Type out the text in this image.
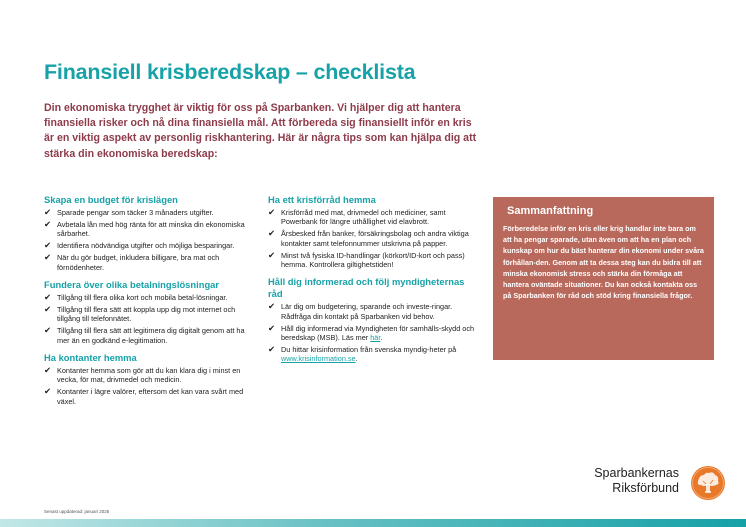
Finansiell krisberedskap – checklista

Din ekonomiska trygghet är viktig för oss på Sparbanken. Vi hjälper dig att hantera finansiella risker och nå dina finansiella mål. Att förbereda sig finansiellt inför en kris är en viktig aspekt av personlig riskhantering. Här är några tips som kan hjälpa dig att stärka din ekonomiska beredskap:

Skapa en budget för krislägen
✔ Sparade pengar som täcker 3 månaders utgifter.
✔ Avbetala lån med hög ränta för att minska din ekonomiska sårbarhet.
✔ Identifiera nödvändiga utgifter och möjliga besparingar.
✔ När du gör budget, inkludera billigare, bra mat och förnödenheter.
Fundera över olika betalningslösningar
✔ Tillgång till flera olika kort och mobila betal-lösningar.
✔ Tillgång till flera sätt att koppla upp dig mot internet och tillgång till telefonnätet.
✔ Tillgång till flera sätt att legitimera dig digitalt genom att ha mer än en godkänd e-legitimation.
Ha kontanter hemma
✔ Kontanter hemma som gör att du kan klara dig i minst en vecka, för mat, drivmedel och medicin.
✔ Kontanter i lägre valörer, eftersom det kan vara svårt med växel.
Ha ett krisförråd hemma
✔ Krisförråd med mat, drivmedel och mediciner, samt Powerbank för längre uthållighet vid elavbrott.
✔ Årsbesked från banker, försäkringsbolag och andra viktiga kontakter samt telefonnummer utskrivna på papper.
✔ Minst två fysiska ID-handlingar (körkort/ID-kort och pass) hemma. Kontrollera giltighetstiden!
Håll dig informerad och följ myndigheternas råd
✔ Lär dig om budgetering, sparande och investe-ringar. Rådfråga din kontakt på Sparbanken vid behov.
✔ Håll dig informerad via Myndigheten för samhälls-skydd och beredskap (MSB). Läs mer här.
✔ Du hittar krisinformation från svenska myndig-heter på www.krisinformation.se.
Sammanfattning

Förberedelse inför en kris eller krig handlar inte bara om att ha pengar sparade, utan även om att ha en plan och kunskap om hur du bäst hanterar din ekonomi under svåra förhållan-den. Genom att ta dessa steg kan du bidra till att minska ekonomisk stress och stärka din förmåga att hantera oväntade situationer. Du kan också kontakta oss på Sparbanken för råd och stöd kring finansiella frågor.

Sparbankernas
Riksförbund
Senast uppdaterad: januari 2025
